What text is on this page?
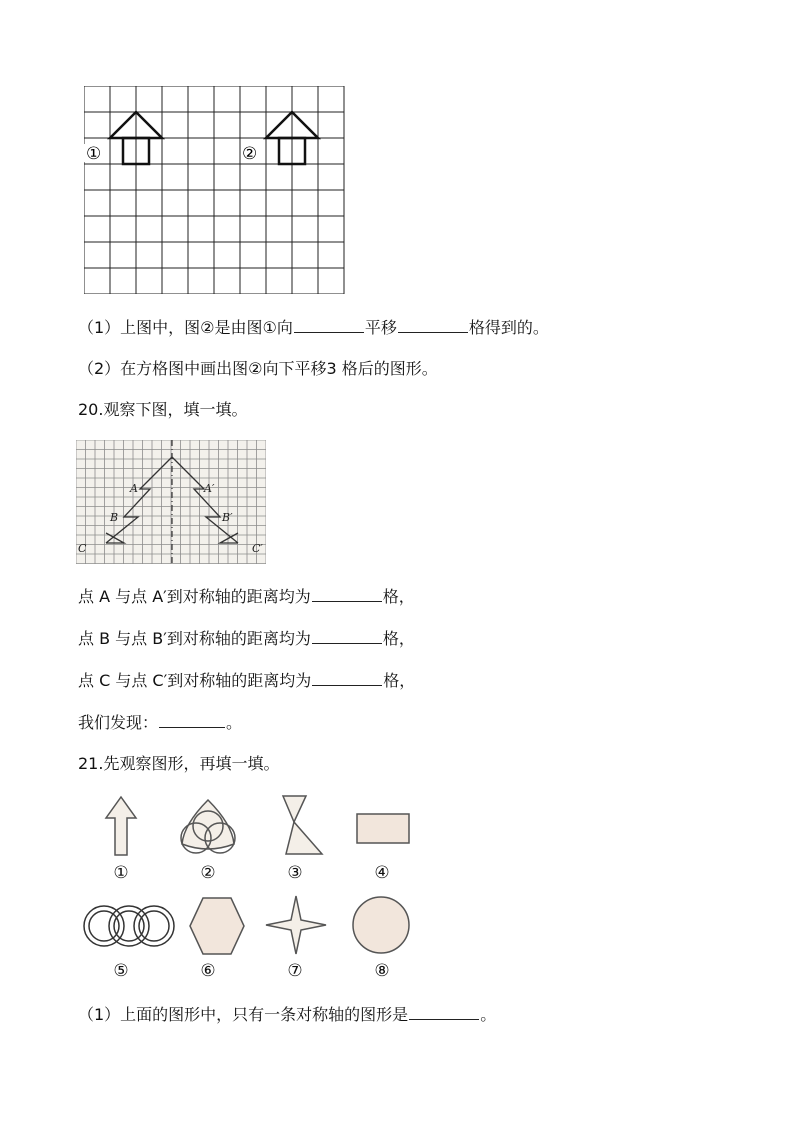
①	②
（1）上图中，图②是由图①向	平移	格得到的。
（2）在方格图中画出图②向下平移3 格后的图形。
20.观察下图，填一填。
A	A′
B	B′
C	C′
点 A 与点 A′到对称轴的距离均为	格，
点 B 与点 B′到对称轴的距离均为	格，
点 C 与点 C′到对称轴的距离均为	格，
我们发现：	。
21.先观察图形，再填一填。
①	②	③	④
⑤	⑥	⑦	⑧
（1）上面的图形中，只有一条对称轴的图形是	。
